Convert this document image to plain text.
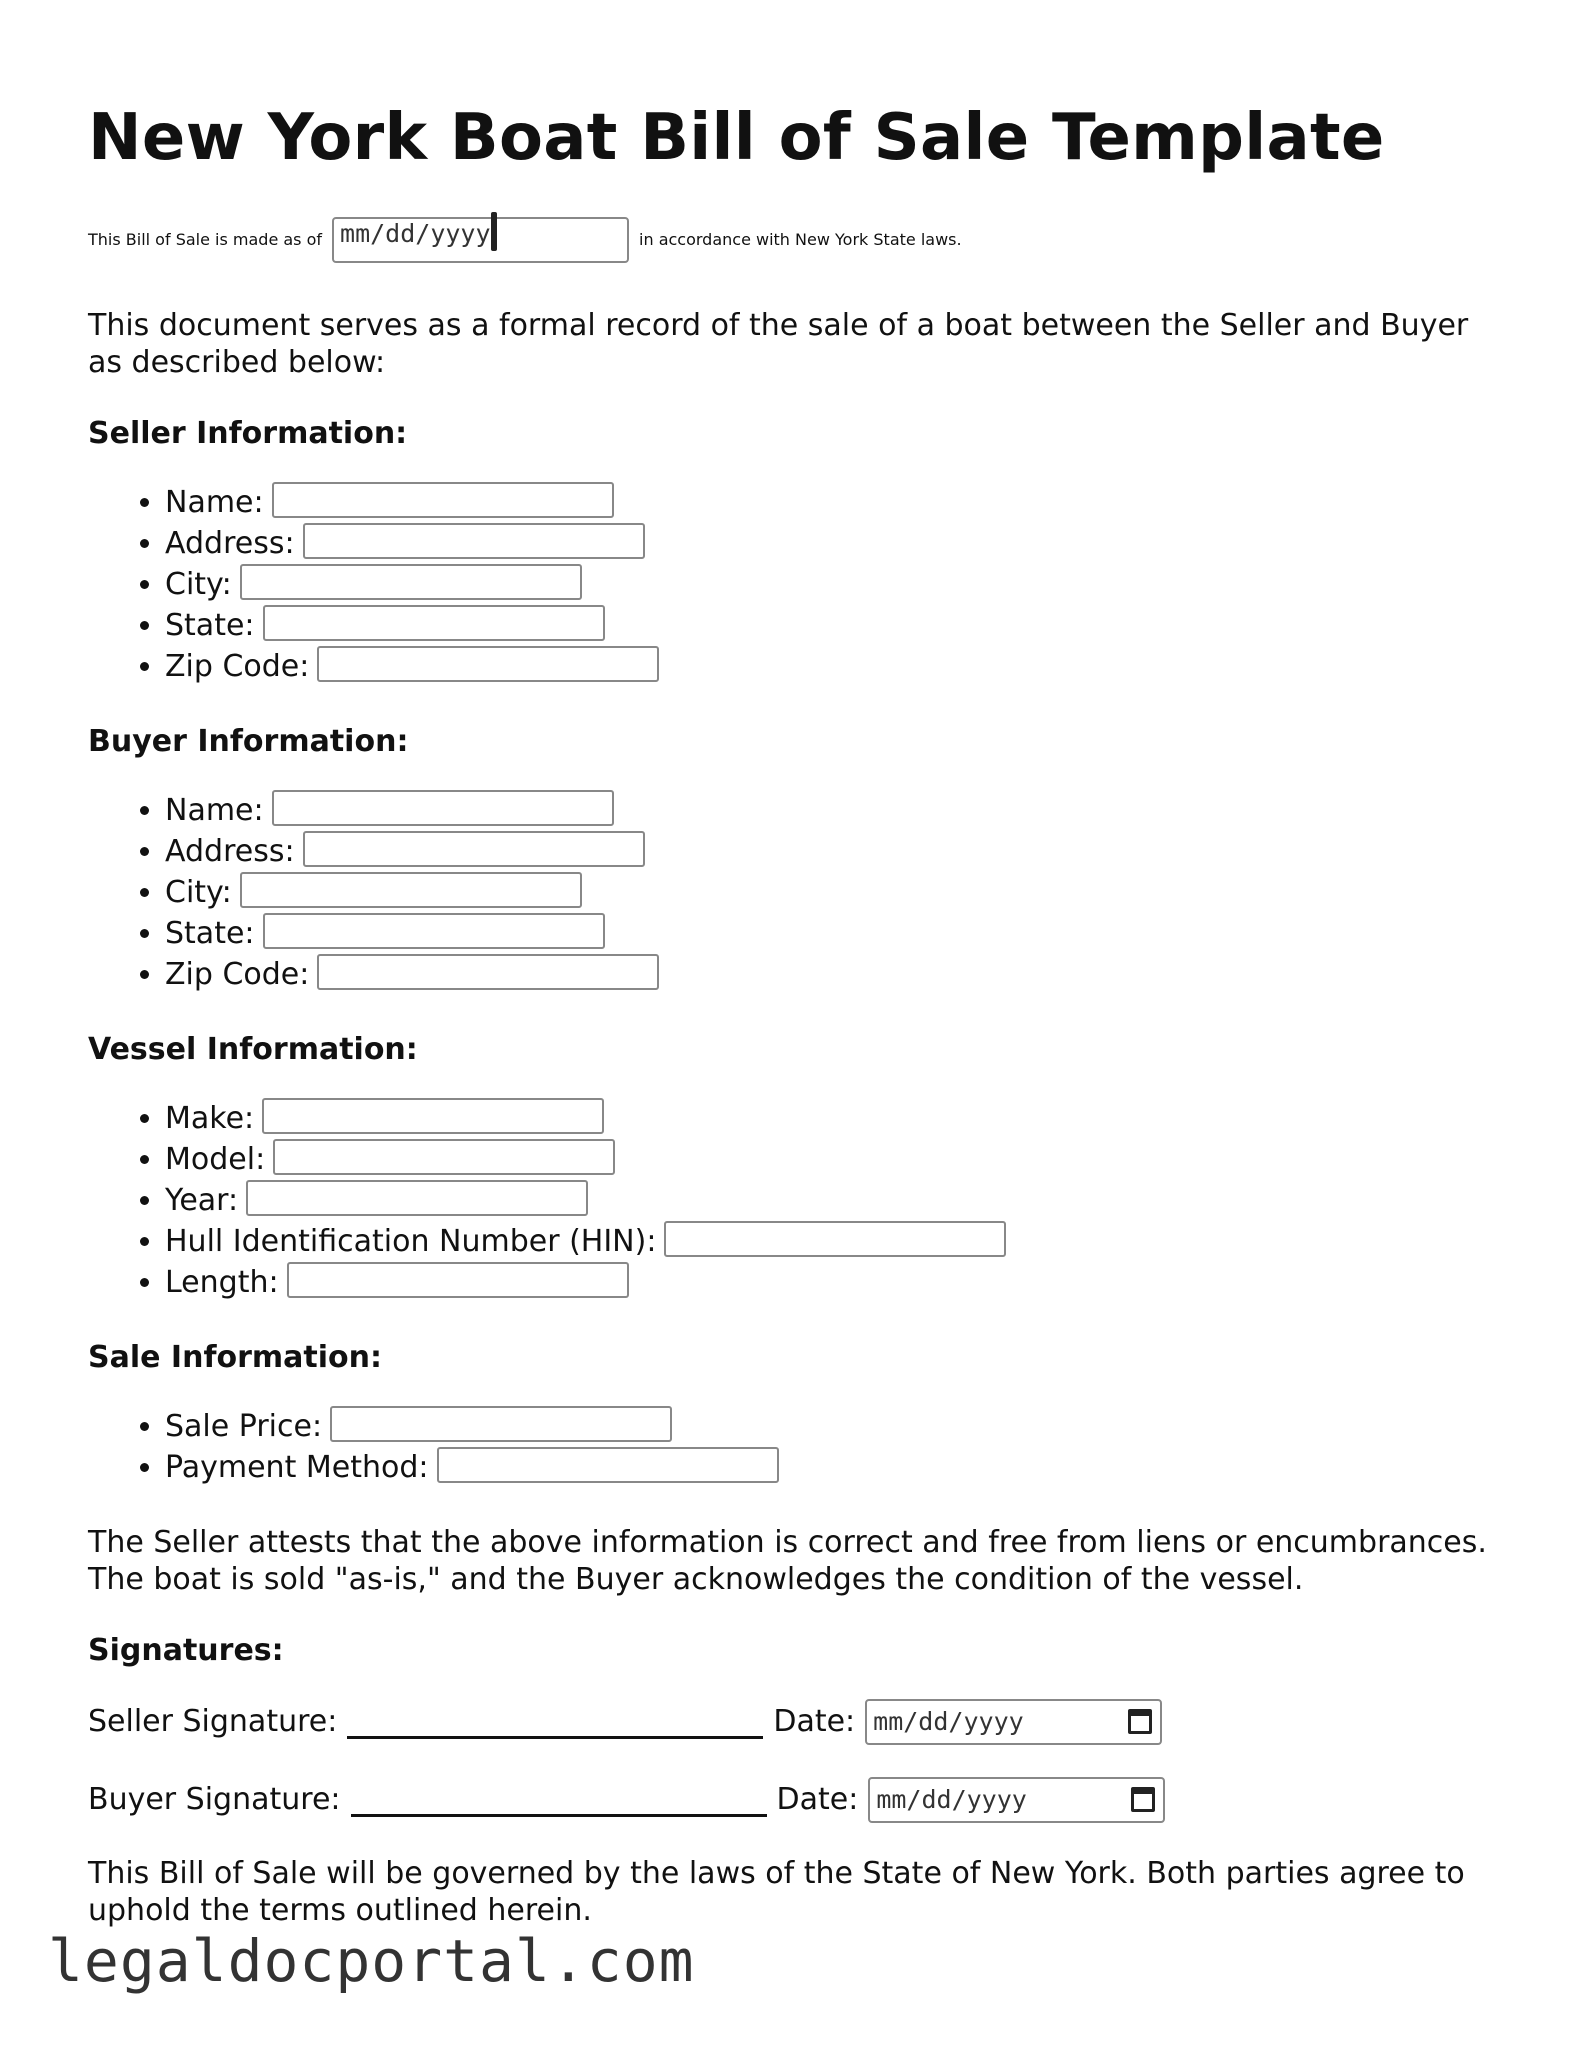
New York Boat Bill of Sale Template
This Bill of Sale is made as of mm/dd/yyyy	in accordance with New York State laws.

This document serves as a formal record of the sale of a boat between the Seller and Buyer as described below:

Seller Information:
• Name:
• Address:
• City:
• State:
• Zip Code:
Buyer Information:
• Name:
• Address:
• City:
• State:
• Zip Code:
Vessel Information:
• Make:
• Model:
• Year:
• Hull Identification Number (HIN):
• Length:
Sale Information:
• Sale Price:
• Payment Method:

The Seller attests that the above information is correct and free from liens or encumbrances. The boat is sold "as-is," and the Buyer acknowledges the condition of the vessel.

Signatures:
Seller Signature:	Date: mm/dd/yyyy
Buyer Signature:	Date: mm/dd/yyyy

This Bill of Sale will be governed by the laws of the State of New York. Both parties agree to uphold the terms outlined herein.

legaldocportal.com
